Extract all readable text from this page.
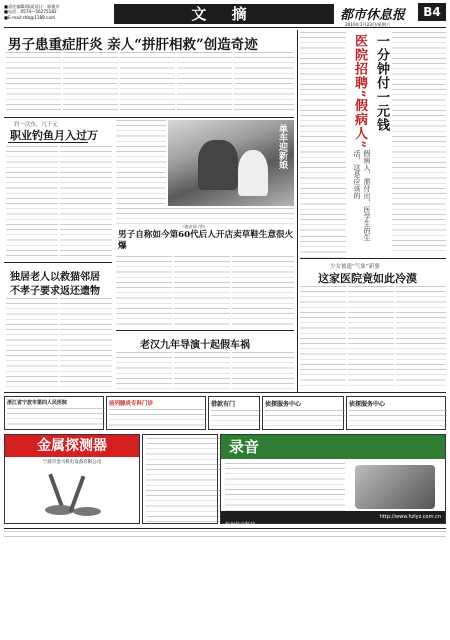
■责任编辑/版面设计：郭建芳
■电话：0574—56275182
■E-mail:shb@1189.com	文 摘	都市休息报	B4
2010年1月23日/星期六
男子患重症肝炎 亲人“拼肝相救”创造奇迹
钓一次鱼，几千元
职业钓鱼月入过万	单车迎新娘
（雅安网 /图）
男子自称如今第60代后人开店卖草鞋生意很火爆
独居老人以救猫邻居
不孝子要求返还遗物
老汉九年导演十起假车祸
医院招聘“假病人” 一分钟付一元钱
假病人，需付出，医学生的生活，这是应该的
少女被遗“气象”新婆
这家医院竟如此冷漠
浙江省宁波市第四人民医院	前列腺炎专科门诊	借款有门	侦探服务中心	侦探服务中心
金属探测器
宁波市金马机电设备有限公司
录音
杭州佳音科技
http://www.hzlyz.com.cn
